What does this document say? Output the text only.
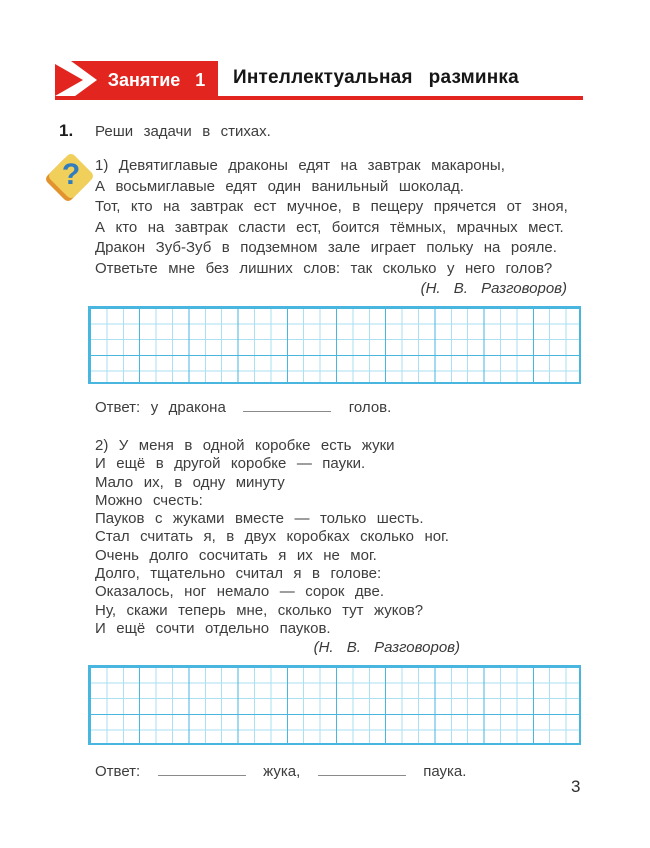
Занятие 1	Интеллектуальная разминка
1. Реши задачи в стихах.
? 1) Девятиглавые драконы едят на завтрак макароны,
А восьмиглавые едят один ванильный шоколад.
Тот, кто на завтрак ест мучное, в пещеру прячется от зноя,
А кто на завтрак сласти ест, боится тёмных, мрачных мест.
Дракон Зуб-Зуб в подземном зале играет польку на рояле.
Ответьте мне без лишних слов: так сколько у него голов?
(Н. В. Разговоров)
Ответ: у дракона	голов.
2) У меня в одной коробке есть жуки
И ещё в другой коробке — пауки.
Мало их, в одну минуту
Можно счесть:
Пауков с жуками вместе — только шесть.
Стал считать я, в двух коробках сколько ног.
Очень долго сосчитать я их не мог.
Долго, тщательно считал я в голове:
Оказалось, ног немало — сорок две.
Ну, скажи теперь мне, сколько тут жуков?
И ещё сочти отдельно пауков.
(Н. В. Разговоров)
Ответ:	жука,	паука.
3
